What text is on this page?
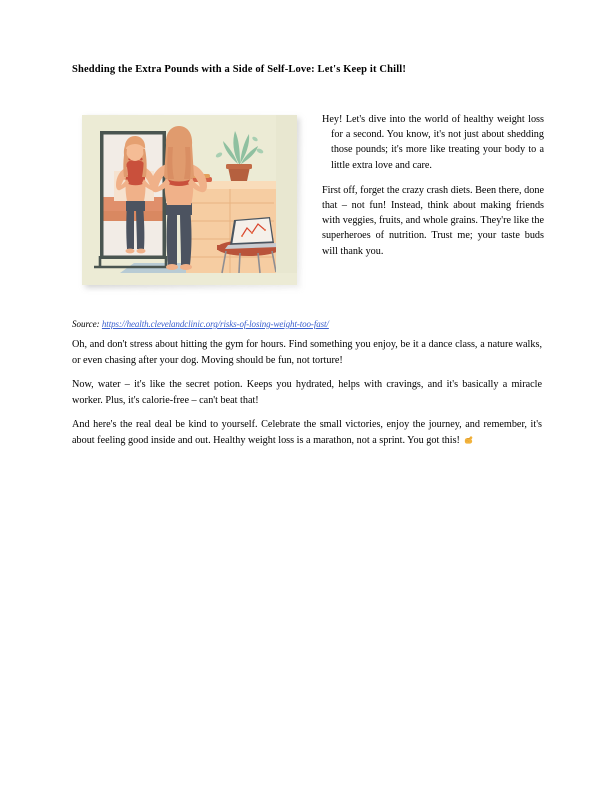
Shedding the Extra Pounds with a Side of Self-Love: Let's Keep it Chill!
Source: https://health.clevelandclinic.org/risks-of-losing-weight-too-fast/

Hey! Let's dive into the world of healthy weight loss for a second. You know, it's not just about shedding those pounds; it's more like treating your body to a little extra love and care.

First off, forget the crazy crash diets. Been there, done that – not fun! Instead, think about making friends with veggies, fruits, and whole grains. They're like the superheroes of nutrition. Trust me; your taste buds will thank you.

Oh, and don't stress about hitting the gym for hours. Find something you enjoy, be it a dance class, a nature walks, or even chasing after your dog. Moving should be fun, not torture!

Now, water – it's like the secret potion. Keeps you hydrated, helps with cravings, and it's basically a miracle worker. Plus, it's calorie-free – can't beat that!

And here's the real deal be kind to yourself. Celebrate the small victories, enjoy the journey, and remember, it's about feeling good inside and out. Healthy weight loss is a marathon, not a sprint. You got this!
